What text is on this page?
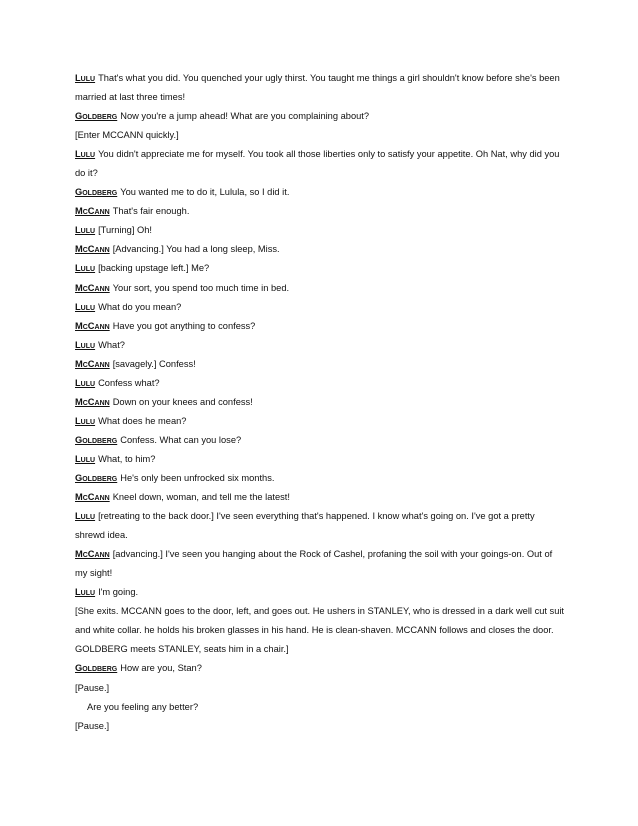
Lulu That's what you did. You quenched your ugly thirst. You taught me things a girl shouldn't know before she's been married at last three times!

Goldberg Now you're a jump ahead! What are you complaining about?

[Enter MCCANN quickly.]

Lulu You didn't appreciate me for myself. You took all those liberties only to satisfy your appetite. Oh Nat, why did you do it?

Goldberg You wanted me to do it, Lulula, so I did it.

McCann That's fair enough.

Lulu [Turning] Oh!

McCann [Advancing.] You had a long sleep, Miss.

Lulu [backing upstage left.] Me?

McCann Your sort, you spend too much time in bed.

Lulu What do you mean?

McCann Have you got anything to confess?

Lulu What?

McCann [savagely.] Confess!

Lulu Confess what?

McCann Down on your knees and confess!

Lulu What does he mean?

Goldberg Confess. What can you lose?

Lulu What, to him?

Goldberg He's only been unfrocked six months.

McCann Kneel down, woman, and tell me the latest!

Lulu [retreating to the back door.] I've seen everything that's happened. I know what's going on. I've got a pretty shrewd idea.

McCann [advancing.] I've seen you hanging about the Rock of Cashel, profaning the soil with your goings-on. Out of my sight!

Lulu I'm going.

[She exits. MCCANN goes to the door, left, and goes out. He ushers in STANLEY, who is dressed in a dark well cut suit and white collar. he holds his broken glasses in his hand. He is clean-shaven. MCCANN follows and closes the door. GOLDBERG meets STANLEY, seats him in a chair.]

Goldberg How are you, Stan?

[Pause.]

Are you feeling any better?

[Pause.]
